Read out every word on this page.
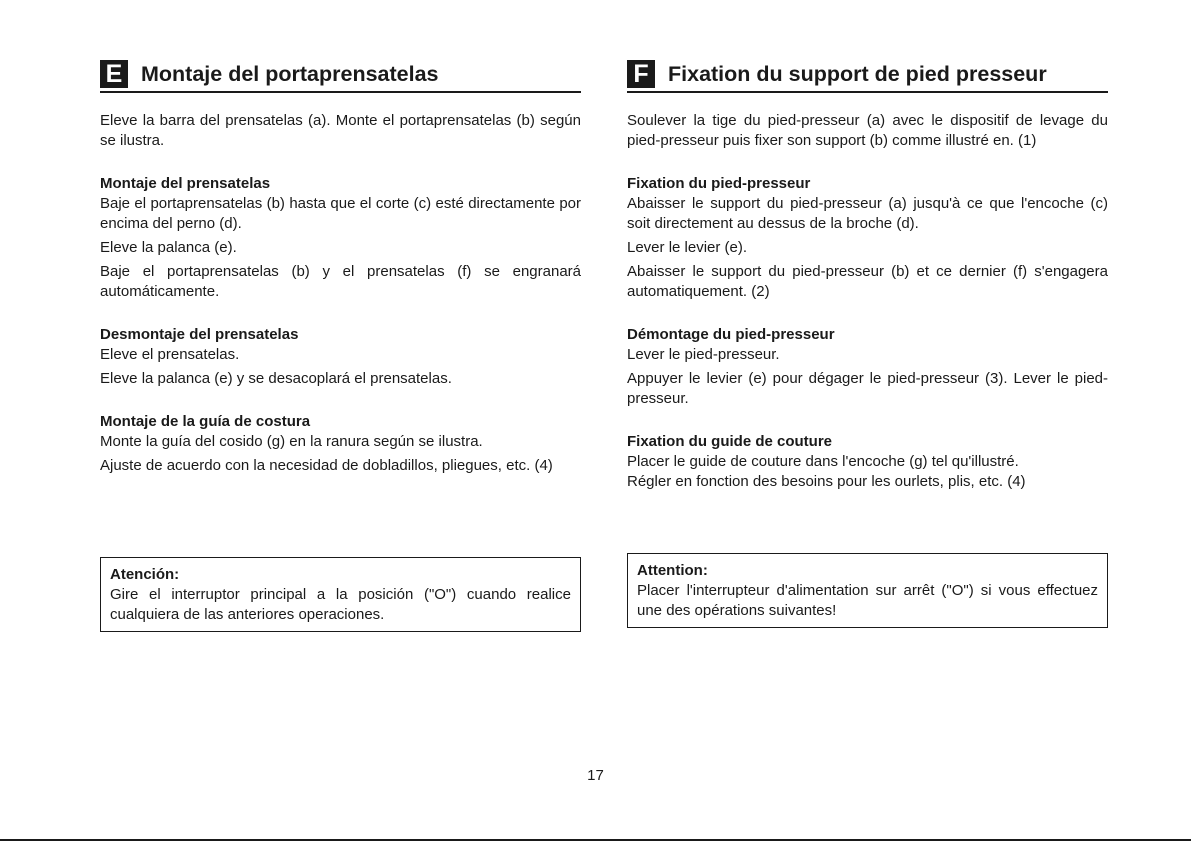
E Montaje del portaprensatelas

Eleve la barra del prensatelas (a). Monte el portaprensatelas (b) según se ilustra.

Montaje del prensatelas

Baje el portaprensatelas (b) hasta que el corte (c) esté directamente por encima del perno (d).

Eleve la palanca (e).

Baje el portaprensatelas (b) y el prensatelas (f) se engranará automáticamente.

Desmontaje del prensatelas

Eleve el prensatelas.

Eleve la palanca (e) y se desacoplará el prensatelas.

Montaje de la guía de costura

Monte la guía del cosido (g) en la ranura según se ilustra.

Ajuste de acuerdo con la necesidad de dobladillos, pliegues, etc. (4)

Atención:

Gire el interruptor principal a la posición ("O") cuando realice cualquiera de las anteriores operaciones.

F Fixation du support de pied presseur

Soulever la tige du pied-presseur (a) avec le dispositif de levage du pied-presseur puis fixer son support (b) comme illustré en. (1)

Fixation du pied-presseur

Abaisser le support du pied-presseur (a) jusqu'à ce que l'encoche (c) soit directement au dessus de la broche (d).

Lever le levier (e).

Abaisser le support du pied-presseur (b) et ce dernier (f) s'engagera automatiquement. (2)

Démontage du pied-presseur

Lever le pied-presseur.

Appuyer le levier (e) pour dégager le pied-presseur (3). Lever le pied-presseur.

Fixation du guide de couture

Placer le guide de couture dans l'encoche (g) tel qu'illustré.

Régler en fonction des besoins pour les ourlets, plis, etc. (4)

Attention:

Placer l'interrupteur d'alimentation sur arrêt ("O") si vous effectuez une des opérations suivantes!

17
